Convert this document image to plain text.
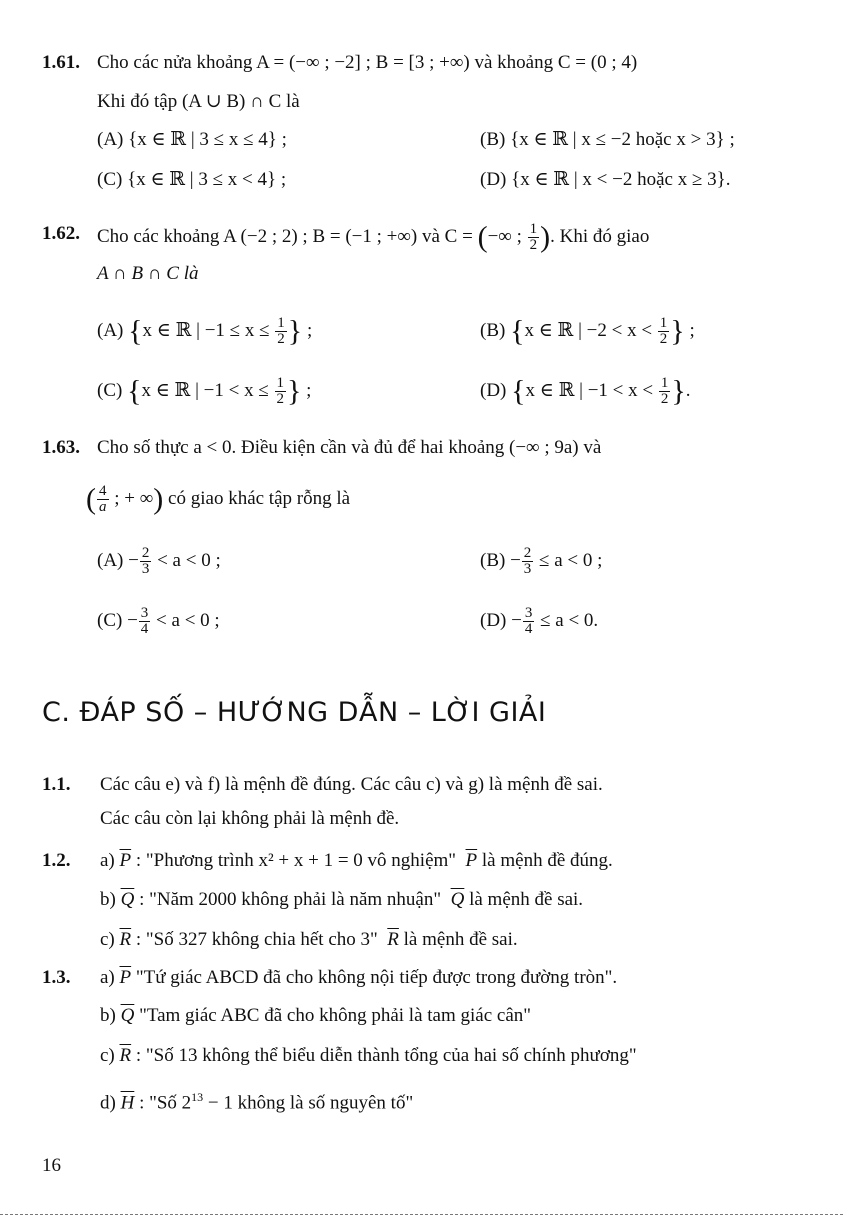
1.61. Cho các nửa khoảng A = (−∞ ; −2] ; B = [3 ; +∞) và khoảng C = (0 ; 4)
Khi đó tập (A ∪ B) ∩ C là
(A) {x ∈ ℝ | 3 ≤ x ≤ 4} ;	(B) {x ∈ ℝ | x ≤ −2 hoặc x > 3} ;
(C) {x ∈ ℝ | 3 ≤ x < 4} ;	(D) {x ∈ ℝ | x < −2 hoặc x ≥ 3}.
1.62. Cho các khoảng A (−2 ; 2) ; B = (−1 ; +∞) và C = (−∞ ; $\frac{1}{2}$ ). Khi đó giao
A ∩ B ∩ C là
(A) {x ∈ ℝ | $-1 \le x \le \frac{1}{2}$ } ;	(B) {x ∈ ℝ | $-2 < x < \frac{1}{2}$ } ;
(C) {x ∈ ℝ | $-1 < x \le \frac{1}{2}$ } ;	(D) {x ∈ ℝ | $-1 < x < \frac{1}{2}$ }.
1.63. Cho số thực a < 0. Điều kiện cần và đủ để hai khoảng (−∞ ; 9a) và
( $\frac{4}{a}$ ; + ∞) có giao khác tập rỗng là
$(A) - \frac{2}{3} < a < 0$ ;	$(B) - \frac{2}{3} \le a < 0$ ;
$(C) - \frac{3}{4} < a < 0$ ;	$(D) - \frac{3}{4} \le a < 0$.
C. ĐÁP SỐ – HƯỚNG DẪN – LỜI GIẢI
1.1. Các câu e) và f) là mệnh đề đúng. Các câu c) và g) là mệnh đề sai.
Các câu còn lại không phải là mệnh đề.
1.2. a) $\overline{P}$ : "Phương trình x² + x + 1 = 0 vô nghiệm" $\overline{P}$ là mệnh đề đúng.
b) $\overline{Q}$ : "Năm 2000 không phải là năm nhuận" $\overline{Q}$ là mệnh đề sai.
c) $\overline{R}$ : "Số 327 không chia hết cho 3" $\overline{R}$ là mệnh đề sai.
1.3. a) $\overline{P}$ "Tứ giác ABCD đã cho không nội tiếp được trong đường tròn".
b) $\overline{Q}$ "Tam giác ABC đã cho không phải là tam giác cân"
c) $\overline{R}$ : "Số 13 không thể biểu diễn thành tổng của hai số chính phương"
d) $\overline{H}$ : "Số $2^{13} - 1$ không là số nguyên tố"
16
